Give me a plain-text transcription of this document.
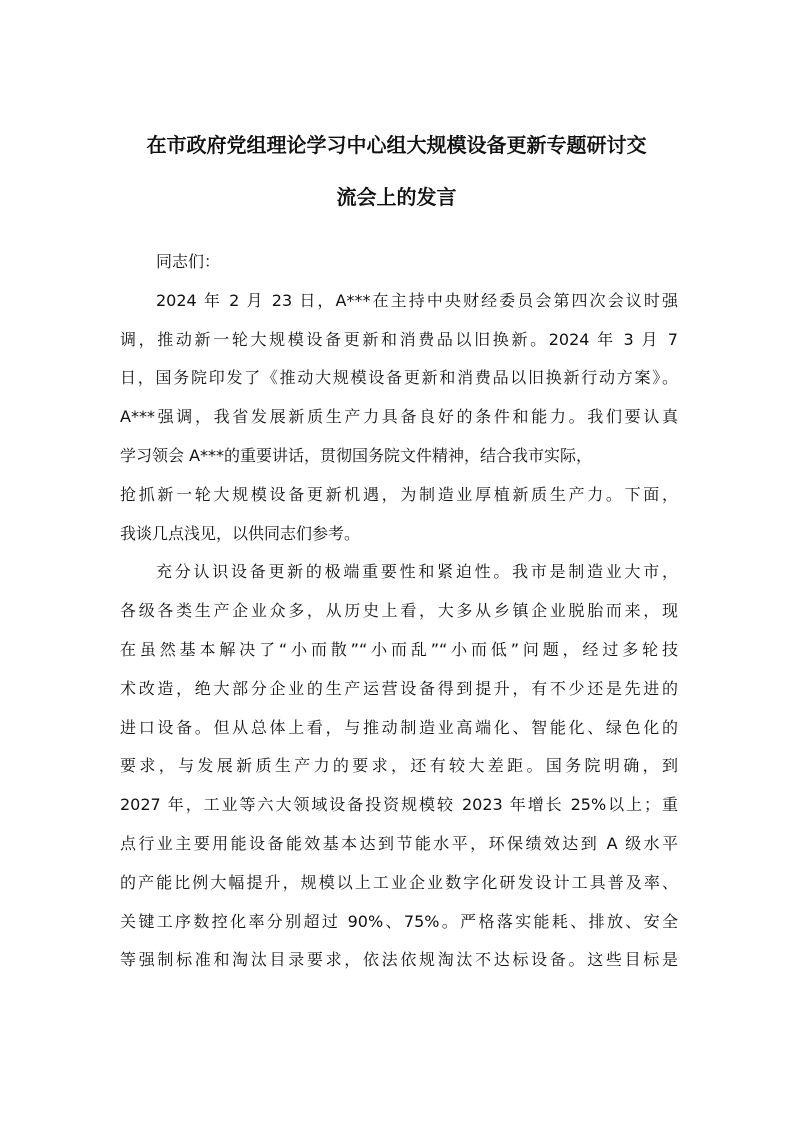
在市政府党组理论学习中心组大规模设备更新专题研讨交
流会上的发言
同志们：
2024 年 2 月 23 日，A***在主持中央财经委员会第四次会议时强
调，推动新一轮大规模设备更新和消费品以旧换新。2024 年 3 月 7
日，国务院印发了《推动大规模设备更新和消费品以旧换新行动方案》。
A***强调，我省发展新质生产力具备良好的条件和能力。我们要认真
学习领会 A***的重要讲话，贯彻国务院文件精神，结合我市实际，
抢抓新一轮大规模设备更新机遇，为制造业厚植新质生产力。下面，
我谈几点浅见，以供同志们参考。
充分认识设备更新的极端重要性和紧迫性。我市是制造业大市，
各级各类生产企业众多，从历史上看，大多从乡镇企业脱胎而来，现
在虽然基本解决了“小而散”“小而乱”“小而低”问题，经过多轮技
术改造，绝大部分企业的生产运营设备得到提升，有不少还是先进的
进口设备。但从总体上看，与推动制造业高端化、智能化、绿色化的
要求，与发展新质生产力的要求，还有较大差距。国务院明确，到
2027 年，工业等六大领域设备投资规模较 2023 年增长 25%以上；重
点行业主要用能设备能效基本达到节能水平，环保绩效达到 A 级水平
的产能比例大幅提升，规模以上工业企业数字化研发设计工具普及率、
关键工序数控化率分别超过 90%、75%。严格落实能耗、排放、安全
等强制标准和淘汰目录要求，依法依规淘汰不达标设备。这些目标是
